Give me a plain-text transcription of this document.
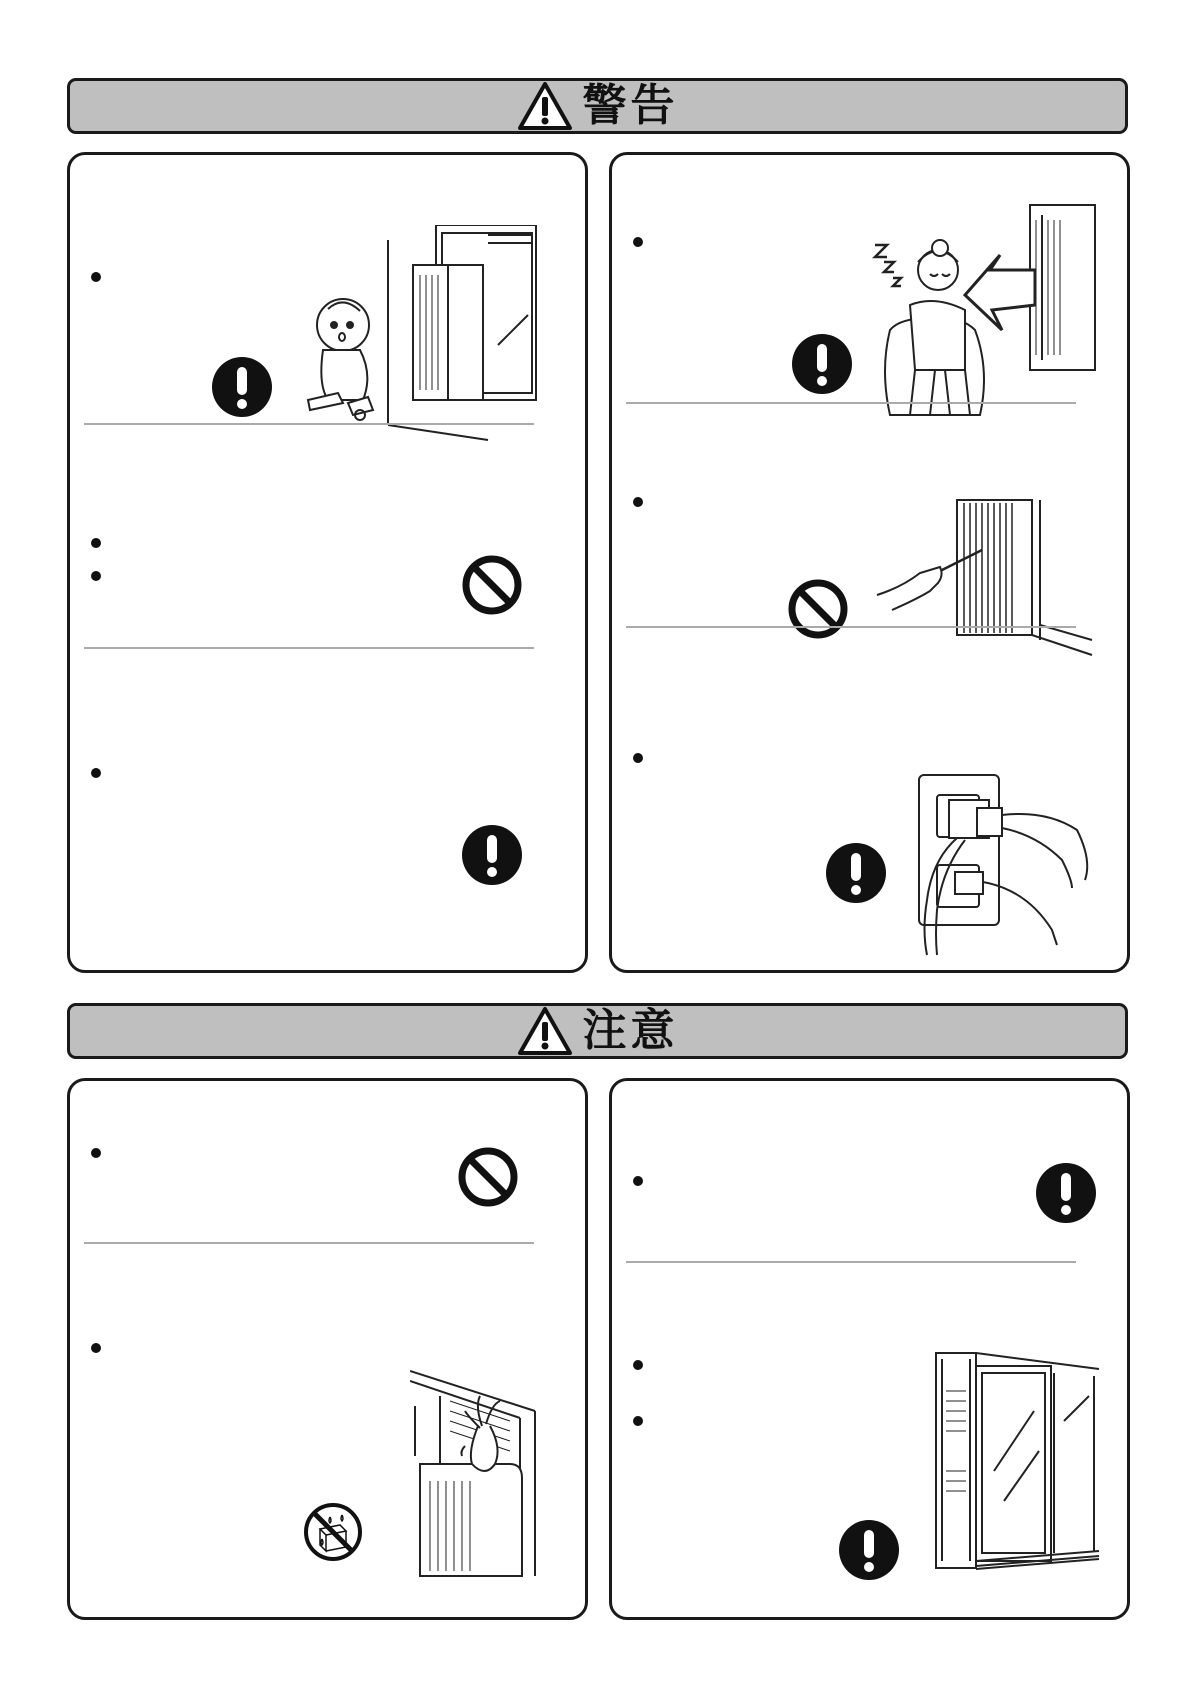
警告
注意
